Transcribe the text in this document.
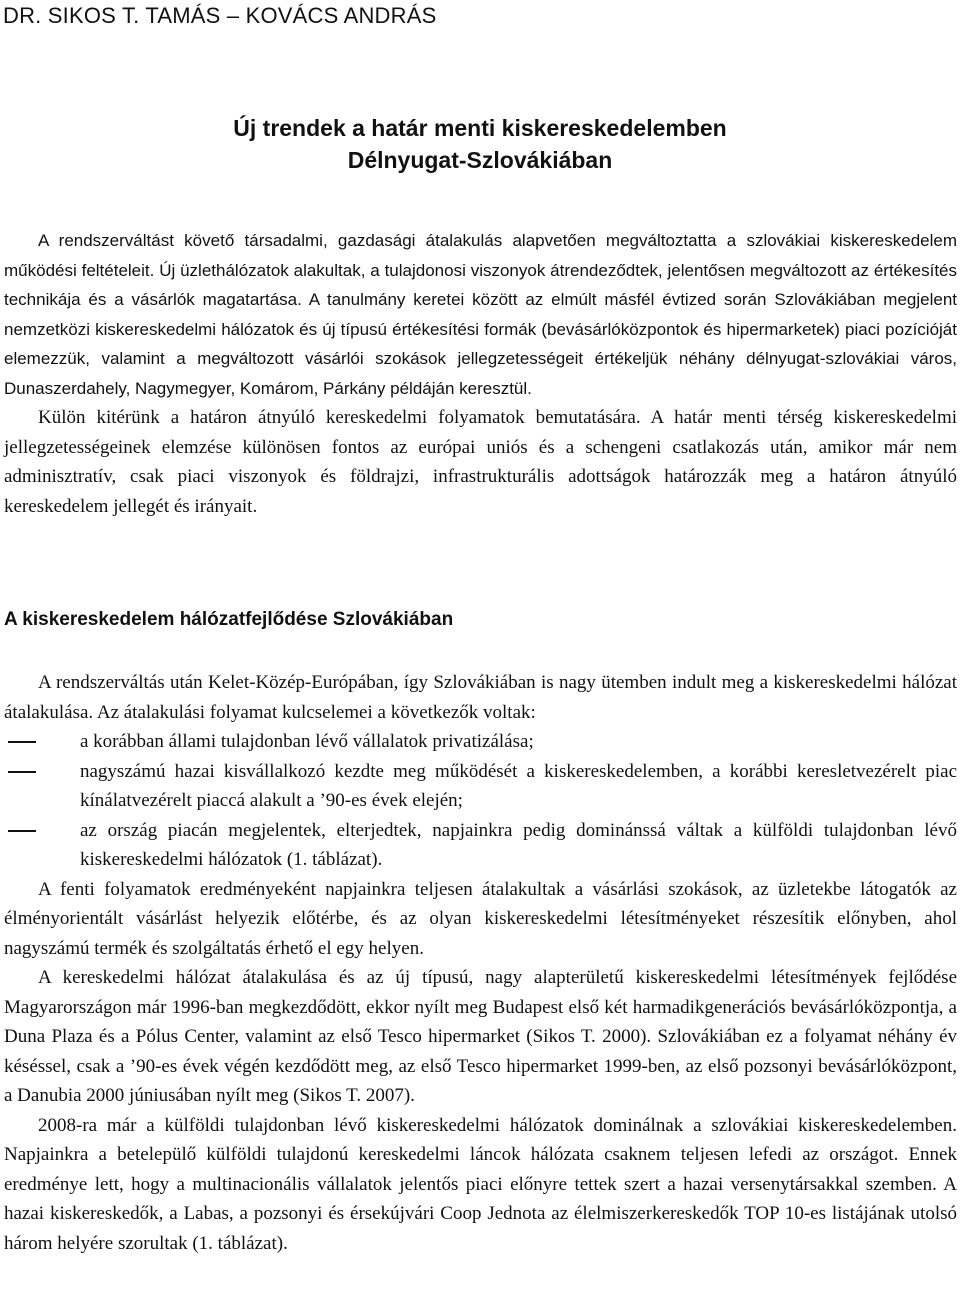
DR. SIKOS T. TAMÁS – KOVÁCS ANDRÁS

Új trendek a határ menti kiskereskedelemben
Délnyugat-Szlovákiában

A rendszerváltást követő társadalmi, gazdasági átalakulás alapvetően megváltoztatta a szlovákiai kiskereskedelem működési feltételeit. Új üzlethálózatok alakultak, a tulajdonosi viszonyok átrendeződtek, jelentősen megváltozott az értékesítés technikája és a vásárlók magatartása. A tanulmány keretei között az elmúlt másfél évtized során Szlovákiában megjelent nemzetközi kiskereskedelmi hálózatok és új típusú értékesítési formák (bevásárlóközpontok és hipermarketek) piaci pozícióját elemezzük, valamint a megváltozott vásárlói szokások jellegzetességeit értékeljük néhány délnyugat-szlovákiai város, Dunaszerdahely, Nagymegyer, Komárom, Párkány példáján keresztül.

Külön kitérünk a határon átnyúló kereskedelmi folyamatok bemutatására. A határ menti térség kiskereskedelmi jellegzetességeinek elemzése különösen fontos az európai uniós és a schengeni csatlakozás után, amikor már nem adminisztratív, csak piaci viszonyok és földrajzi, infrastrukturális adottságok határozzák meg a határon átnyúló kereskedelem jellegét és irányait.

A kiskereskedelem hálózatfejlődése Szlovákiában

A rendszerváltás után Kelet-Közép-Európában, így Szlovákiában is nagy ütemben indult meg a kiskereskedelmi hálózat átalakulása. Az átalakulási folyamat kulcselemei a következők voltak:

a korábban állami tulajdonban lévő vállalatok privatizálása;
nagyszámú hazai kisvállalkozó kezdte meg működését a kiskereskedelemben, a korábbi keresletvezérelt piac kínálatvezérelt piaccá alakult a ’90-es évek elején;
az ország piacán megjelentek, elterjedtek, napjainkra pedig dominánssá váltak a külföldi tulajdonban lévő kiskereskedelmi hálózatok (1. táblázat).

A fenti folyamatok eredményeként napjainkra teljesen átalakultak a vásárlási szokások, az üzletekbe látogatók az élményorientált vásárlást helyezik előtérbe, és az olyan kiskereskedelmi létesítményeket részesítik előnyben, ahol nagyszámú termék és szolgáltatás érhető el egy helyen.

A kereskedelmi hálózat átalakulása és az új típusú, nagy alapterületű kiskereskedelmi létesítmények fejlődése Magyarországon már 1996-ban megkezdődött, ekkor nyílt meg Budapest első két harmadikgenerációs bevásárlóközpontja, a Duna Plaza és a Pólus Center, valamint az első Tesco hipermarket (Sikos T. 2000). Szlovákiában ez a folyamat néhány év késéssel, csak a ’90-es évek végén kezdődött meg, az első Tesco hipermarket 1999-ben, az első pozsonyi bevásárlóközpont, a Danubia 2000 júniusában nyílt meg (Sikos T. 2007).

2008-ra már a külföldi tulajdonban lévő kiskereskedelmi hálózatok dominálnak a szlovákiai kiskereskedelemben. Napjainkra a betelepülő külföldi tulajdonú kereskedelmi láncok hálózata csaknem teljesen lefedi az országot. Ennek eredménye lett, hogy a multinacionális vállalatok jelentős piaci előnyre tettek szert a hazai versenytársakkal szemben. A hazai kiskereskedők, a Labas, a pozsonyi és érsekújvári Coop Jednota az élelmiszerkereskedők TOP 10-es listájának utolsó három helyére szorultak (1. táblázat).
